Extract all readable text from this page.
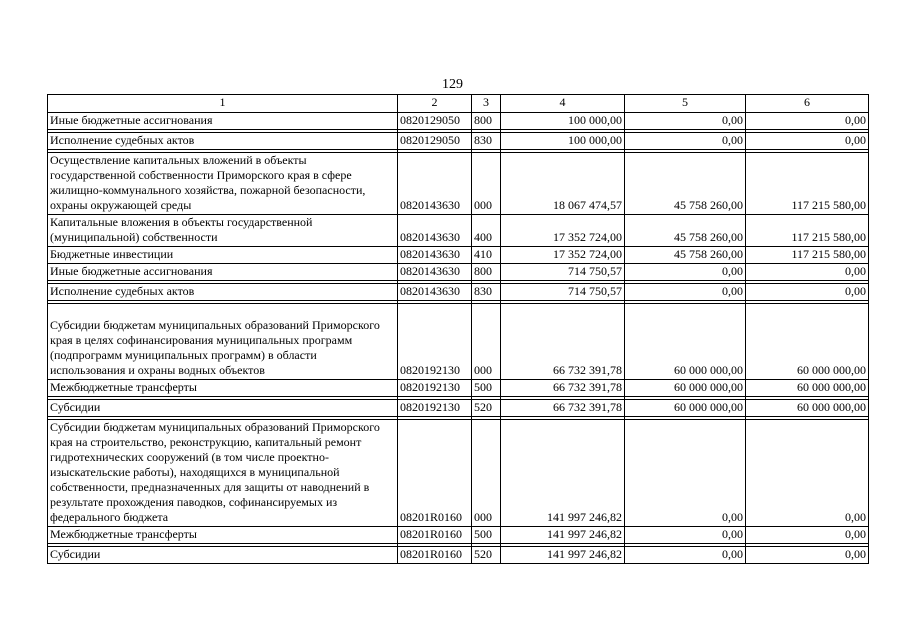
129
1	2	3	4	5	6
Иные бюджетные ассигнования	0820129050	800	100 000,00	0,00	0,00

Исполнение судебных актов	0820129050	830	100 000,00	0,00	0,00

Осуществление капитальных вложений в объекты государственной собственности Приморского края в сфере жилищно-коммунального хозяйства, пожарной безопасности, охраны окружающей среды	0820143630	000	18 067 474,57	45 758 260,00	117 215 580,00
Капитальные вложения в объекты государственной (муниципальной) собственности	0820143630	400	17 352 724,00	45 758 260,00	117 215 580,00
Бюджетные инвестиции	0820143630	410	17 352 724,00	45 758 260,00	117 215 580,00
Иные бюджетные ассигнования	0820143630	800	714 750,57	0,00	0,00

Исполнение судебных актов	0820143630	830	714 750,57	0,00	0,00

Субсидии бюджетам муниципальных образований Приморского края в целях софинансирования муниципальных программ (подпрограмм муниципальных программ) в области использования и охраны водных объектов	0820192130	000	66 732 391,78	60 000 000,00	60 000 000,00
Межбюджетные трансферты	0820192130	500	66 732 391,78	60 000 000,00	60 000 000,00

Субсидии	0820192130	520	66 732 391,78	60 000 000,00	60 000 000,00

Субсидии бюджетам муниципальных образований Приморского края на строительство, реконструкцию, капитальный ремонт гидротехнических сооружений (в том числе проектно-изыскательские работы), находящихся в муниципальной собственности, предназначенных для защиты от наводнений в результате прохождения паводков, софинансируемых из федерального бюджета	08201R0160	000	141 997 246,82	0,00	0,00
Межбюджетные трансферты	08201R0160	500	141 997 246,82	0,00	0,00

Субсидии	08201R0160	520	141 997 246,82	0,00	0,00
